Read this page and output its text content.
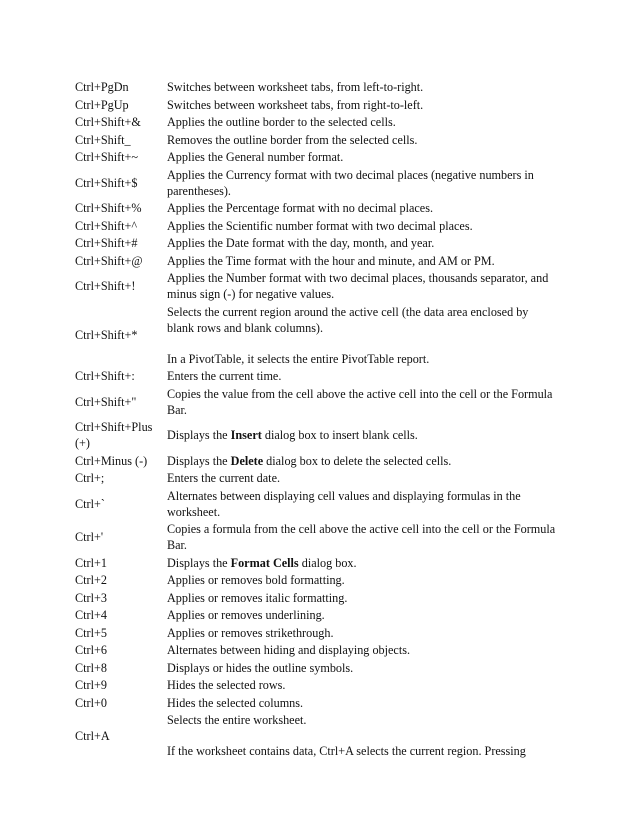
Ctrl+PgDn	Switches between worksheet tabs, from left-to-right.
Ctrl+PgUp	Switches between worksheet tabs, from right-to-left.
Ctrl+Shift+&	Applies the outline border to the selected cells.
Ctrl+Shift_	Removes the outline border from the selected cells.
Ctrl+Shift+~	Applies the General number format.
Ctrl+Shift+$	Applies the Currency format with two decimal places (negative numbers in parentheses).
Ctrl+Shift+%	Applies the Percentage format with no decimal places.
Ctrl+Shift+^	Applies the Scientific number format with two decimal places.
Ctrl+Shift+#	Applies the Date format with the day, month, and year.
Ctrl+Shift+@	Applies the Time format with the hour and minute, and AM or PM.
Ctrl+Shift+!	Applies the Number format with two decimal places, thousands separator, and minus sign (-) for negative values.
Ctrl+Shift+*	Selects the current region around the active cell (the data area enclosed by blank rows and blank columns).

In a PivotTable, it selects the entire PivotTable report.

Ctrl+Shift+:	Enters the current time.
Ctrl+Shift+"	Copies the value from the cell above the active cell into the cell or the Formula Bar.
Ctrl+Shift+Plus (+)	Displays the Insert dialog box to insert blank cells.
Ctrl+Minus (-)	Displays the Delete dialog box to delete the selected cells.
Ctrl+;	Enters the current date.
Ctrl+`	Alternates between displaying cell values and displaying formulas in the worksheet.
Ctrl+'	Copies a formula from the cell above the active cell into the cell or the Formula Bar.
Ctrl+1	Displays the Format Cells dialog box.
Ctrl+2	Applies or removes bold formatting.
Ctrl+3	Applies or removes italic formatting.
Ctrl+4	Applies or removes underlining.
Ctrl+5	Applies or removes strikethrough.
Ctrl+6	Alternates between hiding and displaying objects.
Ctrl+8	Displays or hides the outline symbols.
Ctrl+9	Hides the selected rows.
Ctrl+0	Hides the selected columns.
Ctrl+A	Selects the entire worksheet.

If the worksheet contains data, Ctrl+A selects the current region. Pressing
